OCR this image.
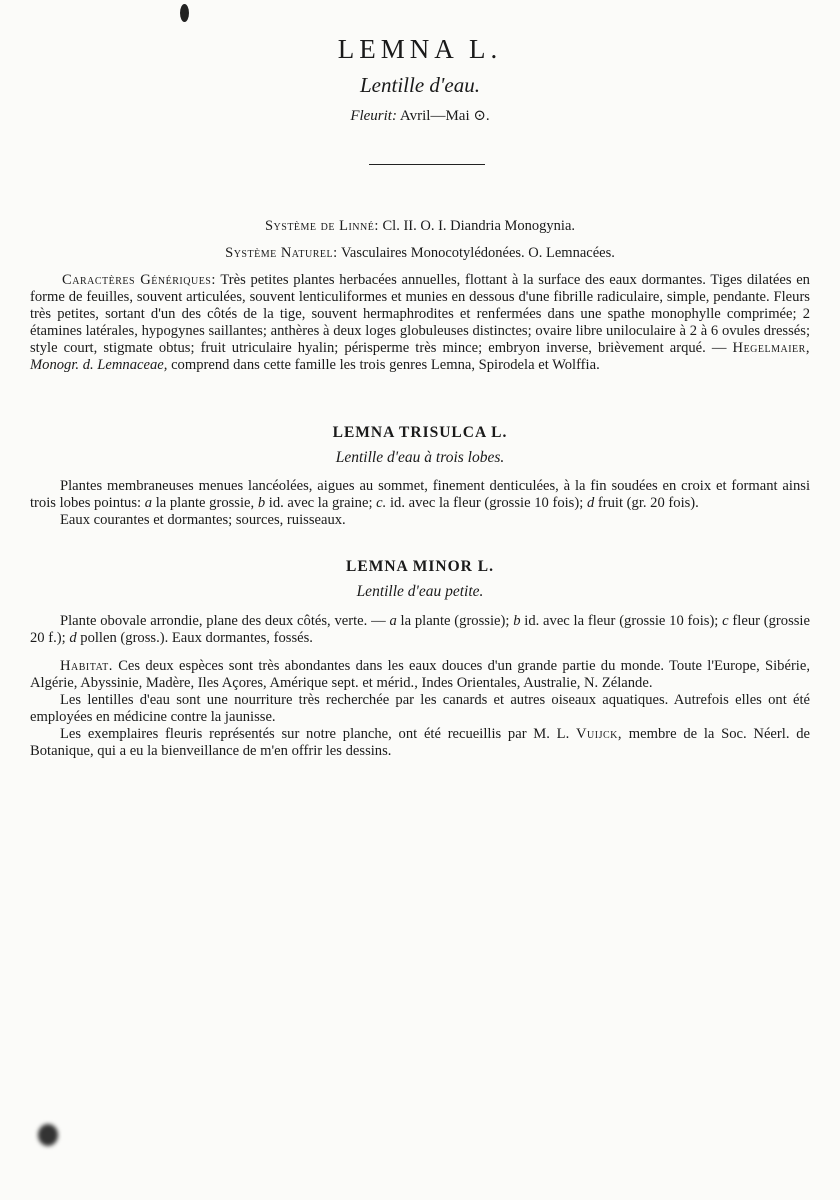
LEMNA L.
Lentille d'eau.
Fleurit: Avril—Mai ⊙.
Système de Linné: Cl. II. O. I. Diandria Monogynia.
Système Naturel: Vasculaires Monocotylédonées. O. Lemnacées.
Caractères Génériques: Très petites plantes herbacées annuelles, flottant à la surface des eaux dormantes. Tiges dilatées en forme de feuilles, souvent articulées, souvent lenticuliformes et munies en dessous d'une fibrille radiculaire, simple, pendante. Fleurs très petites, sortant d'un des côtés de la tige, souvent hermaphrodites et renfermées dans une spathe monophylle comprimée; 2 étamines latérales, hypogynes saillantes; anthères à deux loges globuleuses distinctes; ovaire libre uniloculaire à 2 à 6 ovules dressés; style court, stigmate obtus; fruit utriculaire hyalin; périsperme très mince; embryon inverse, brièvement arqué. — Hegelmaier, Monogr. d. Lemnaceae, comprend dans cette famille les trois genres Lemna, Spirodela et Wolffia.
LEMNA TRISULCA L.
Lentille d'eau à trois lobes.

Plantes membraneuses menues lancéolées, aigues au sommet, finement denticulées, à la fin soudées en croix et formant ainsi trois lobes pointus: a la plante grossie, b id. avec la graine; c. id. avec la fleur (grossie 10 fois); d fruit (gr. 20 fois).

Eaux courantes et dormantes; sources, ruisseaux.

LEMNA MINOR L.
Lentille d'eau petite.

Plante obovale arrondie, plane des deux côtés, verte. — a la plante (grossie); b id. avec la fleur (grossie 10 fois); c fleur (grossie 20 f.); d pollen (gross.). Eaux dormantes, fossés.

Habitat. Ces deux espèces sont très abondantes dans les eaux douces d'un grande partie du monde. Toute l'Europe, Sibérie, Algérie, Abyssinie, Madère, Iles Açores, Amérique sept. et mérid., Indes Orientales, Australie, N. Zélande.

Les lentilles d'eau sont une nourriture très recherchée par les canards et autres oiseaux aquatiques. Autrefois elles ont été employées en médicine contre la jaunisse.

Les exemplaires fleuris représentés sur notre planche, ont été recueillis par M. L. Vuijck, membre de la Soc. Néerl. de Botanique, qui a eu la bienveillance de m'en offrir les dessins.
